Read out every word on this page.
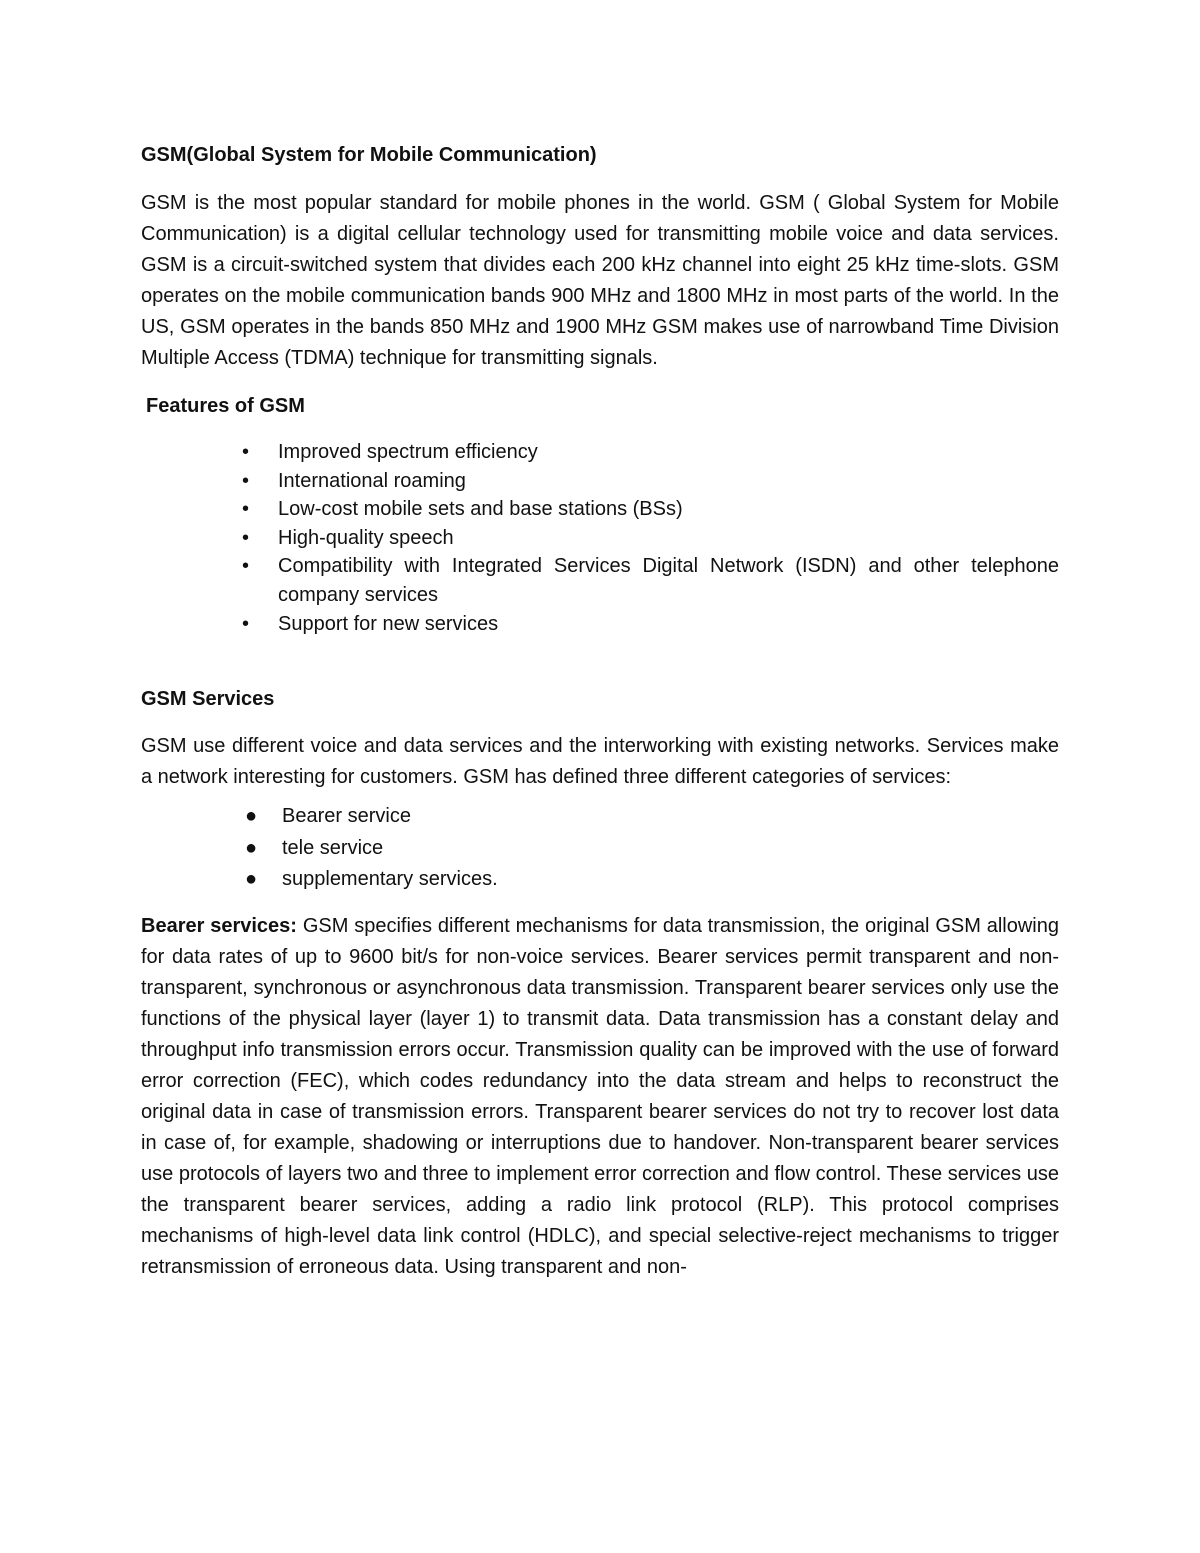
GSM(Global System for Mobile Communication)
GSM is the most popular standard for mobile phones in the world. GSM ( Global System for Mobile Communication) is a digital cellular technology used for transmitting mobile voice and data services. GSM is a circuit-switched system that divides each 200 kHz channel into eight 25 kHz time-slots. GSM operates on the mobile communication bands 900 MHz and 1800 MHz in most parts of the world. In the US, GSM operates in the bands 850 MHz and 1900 MHz GSM makes use of narrowband Time Division Multiple Access (TDMA) technique for transmitting signals.
Features of GSM
• Improved spectrum efficiency
• International roaming
• Low-cost mobile sets and base stations (BSs)
• High-quality speech
• Compatibility with Integrated Services Digital Network (ISDN) and other telephone company services
• Support for new services
GSM Services
GSM use different voice and data services and the interworking with existing networks. Services make a network interesting for customers. GSM has defined three different categories of services:
● Bearer service
● tele service
● supplementary services.
Bearer services: GSM specifies different mechanisms for data transmission, the original GSM allowing for data rates of up to 9600 bit/s for non-voice services. Bearer services permit transparent and non-transparent, synchronous or asynchronous data transmission. Transparent bearer services only use the functions of the physical layer (layer 1) to transmit data. Data transmission has a constant delay and throughput info transmission errors occur. Transmission quality can be improved with the use of forward error correction (FEC), which codes redundancy into the data stream and helps to reconstruct the original data in case of transmission errors. Transparent bearer services do not try to recover lost data in case of, for example, shadowing or interruptions due to handover. Non-transparent bearer services use protocols of layers two and three to implement error correction and flow control. These services use the transparent bearer services, adding a radio link protocol (RLP). This protocol comprises mechanisms of high-level data link control (HDLC), and special selective-reject mechanisms to trigger retransmission of erroneous data. Using transparent and non-
